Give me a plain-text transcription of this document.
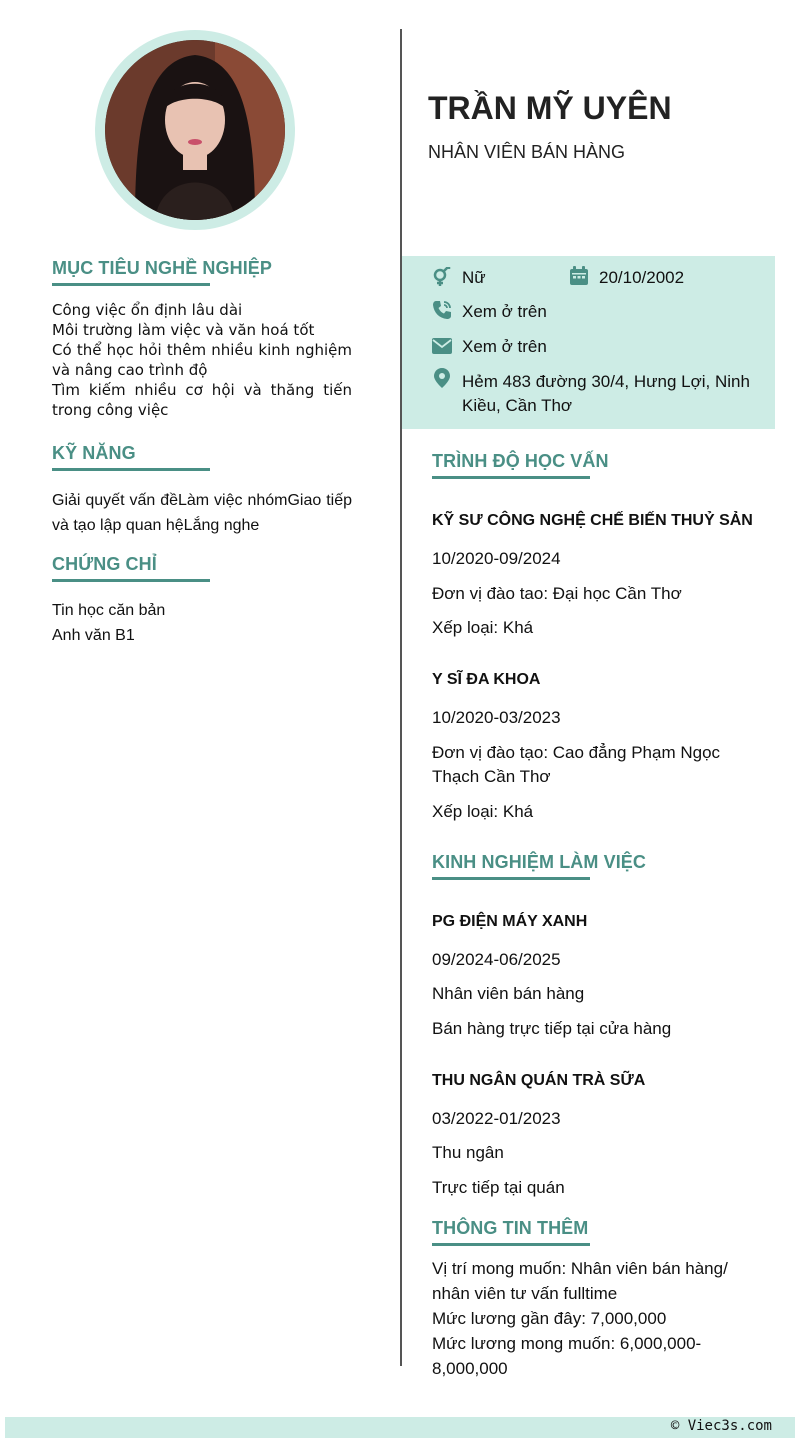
MỤC TIÊU NGHỀ NGHIỆP
Công việc ổn định lâu dài
Môi trường làm việc và văn hoá tốt
Có thể học hỏi thêm nhiều kinh nghiệm và nâng cao trình độ
Tìm kiếm nhiều cơ hội và thăng tiến trong công việc
KỸ NĂNG
Giải quyết vấn đềLàm việc nhómGiao tiếp và tạo lập quan hệLắng nghe
CHỨNG CHỈ
Tin học căn bản
Anh văn B1
TRẦN MỸ UYÊN
NHÂN VIÊN BÁN HÀNG
Nữ	20/10/2002
Xem ở trên
Xem ở trên
Hẻm 483 đường 30/4, Hưng Lợi, Ninh Kiều, Cần Thơ
TRÌNH ĐỘ HỌC VẤN
KỸ SƯ CÔNG NGHỆ CHẾ BIẾN THUỶ SẢN
10/2020-09/2024
Đơn vị đào tao: Đại học Cần Thơ
Xếp loại: Khá
Y SĨ ĐA KHOA
10/2020-03/2023
Đơn vị đào tạo: Cao đẳng Phạm Ngọc Thạch Cần Thơ
Xếp loại: Khá
KINH NGHIỆM LÀM VIỆC
PG ĐIỆN MÁY XANH
09/2024-06/2025
Nhân viên bán hàng
Bán hàng trực tiếp tại cửa hàng
THU NGÂN QUÁN TRÀ SỮA
03/2022-01/2023
Thu ngân
Trực tiếp tại quán
THÔNG TIN THÊM
Vị trí mong muốn: Nhân viên bán hàng/ nhân viên tư vấn fulltime
Mức lương gần đây: 7,000,000
Mức lương mong muốn: 6,000,000-8,000,000
© Viec3s.com
